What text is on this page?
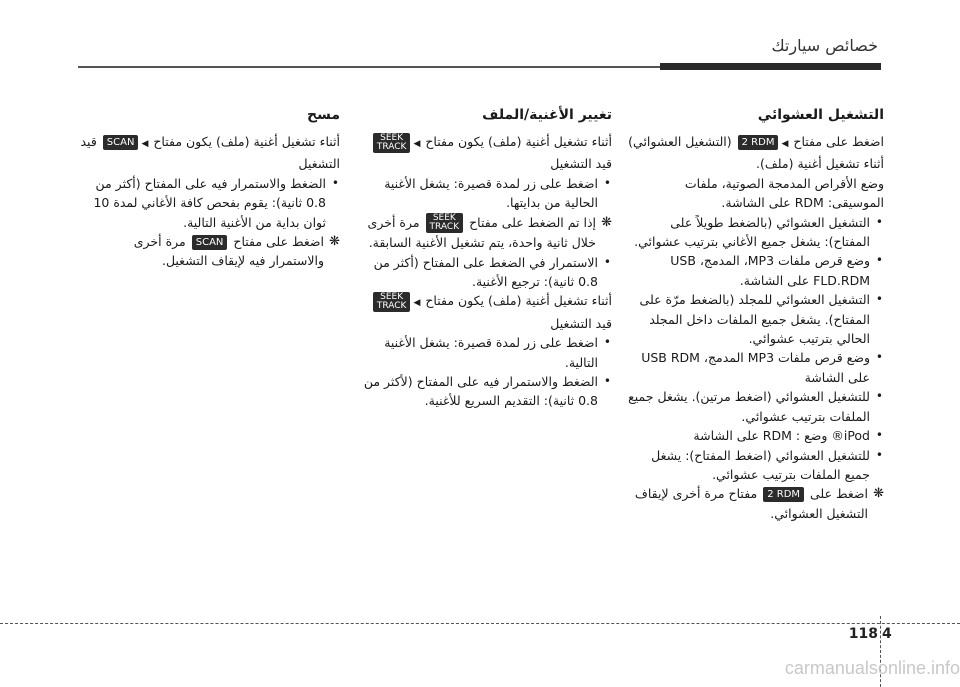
خصائص سيارتك
التشغيل العشوائي

اضغط على مفتاح ◀2 RDM (التشغيل العشوائي) أثناء تشغيل أغنية (ملف).

وضع الأقراص المدمجة الصوتية، ملفات الموسيقى: RDM على الشاشة.

• التشغيل العشوائي (بالضغط طويلاً على المفتاح): يشغل جميع الأغاني بترتيب عشوائي.
• وضع قرص ملفات MP3، المدمج، USB FLD.RDM على الشاشة.
• التشغيل العشوائي للمجلد (بالضغط مرّة على المفتاح). يشغل جميع الملفات داخل المجلد الحالي بترتيب عشوائي.
• وضع قرص ملفات MP3 المدمج، USB RDM على الشاشة
• للتشغيل العشوائي (اضغط مرتين). يشغل جميع الملفات بترتيب عشوائي.
• iPod® وضع : RDM على الشاشة
• للتشغيل العشوائي (اضغط المفتاح): يشغل جميع الملفات بترتيب عشوائي.
❋
اضغط على 2 RDM مفتاح مرة أخرى لإيقاف التشغيل العشوائي.
تغيير الأغنية/الملف

أثناء تشغيل أغنية (ملف) يكون مفتاح ◀SEEK
TRACK قيد التشغيل

• اضغط على زر لمدة قصيرة: يشغل الأغنية الحالية من بدايتها.
❋
إذا تم الضغط على مفتاح SEEK
TRACK مرة أخرى خلال ثانية واحدة، يتم تشغيل الأغنية السابقة.
• الاستمرار في الضغط على المفتاح (أكثر من 0.8 ثانية): ترجيع الأغنية.

أثناء تشغيل أغنية (ملف) يكون مفتاح ◀SEEK
TRACK قيد التشغيل

• اضغط على زر لمدة قصيرة: يشغل الأغنية التالية.
• الضغط والاستمرار فيه على المفتاح (لأكثر من 0.8 ثانية): التقديم السريع للأغنية.
مسح

أثناء تشغيل أغنية (ملف) يكون مفتاح ◀SCAN قيد التشغيل

• الضغط والاستمرار فيه على المفتاح (أكثر من 0.8 ثانية): يقوم بفحص كافة الأغاني لمدة 10 ثوان بداية من الأغنية التالية.
❋
اضغط على مفتاح SCAN مرة أخرى والاستمرار فيه لإيقاف التشغيل.
118 4
carmanualsonline.info
